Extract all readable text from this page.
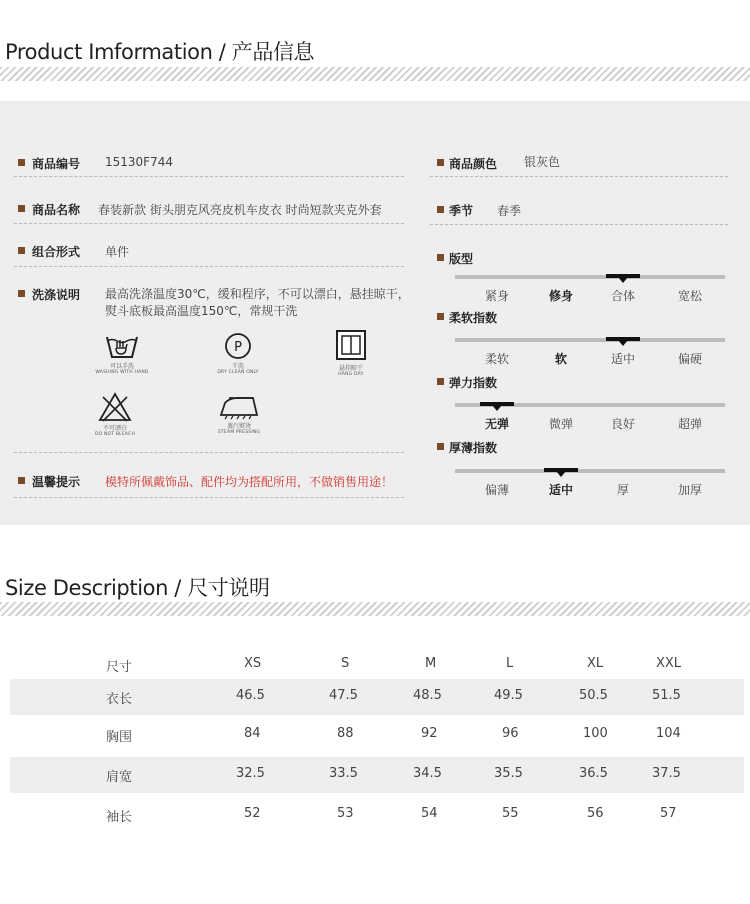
Product Imformation / 产品信息
商品编号 15130F744
商品名称 春装新款 街头朋克风亮皮机车皮衣 时尚短款夹克外套
组合形式 单件
洗涤说明 最高洗涤温度30℃，缓和程序，不可以漂白，悬挂晾干，熨斗底板最高温度150℃，常规干洗
可以手洗
WASHING WITH HAND
P
干洗
DRY CLEAN ONLY
悬挂晾干
HANG DRY
不可漂白
DO NOT BLEACH
蒸汽熨烫
STEAM PRESSING
温馨提示 模特所佩戴饰品、配件均为搭配所用，不做销售用途！
商品颜色 银灰色
季节 春季
版型
紧身	修身	合体	宽松
柔软指数
柔软	软	适中	偏硬
弹力指数
无弹	微弹	良好	超弹
厚薄指数
偏薄	适中	厚	加厚
Size Description / 尺寸说明
尺寸	XS	S	M	L	XL	XXL
衣长	46.5	47.5	48.5	49.5	50.5	51.5
胸围	84	88	92	96	100	104
肩宽	32.5	33.5	34.5	35.5	36.5	37.5
袖长	52	53	54	55	56	57
